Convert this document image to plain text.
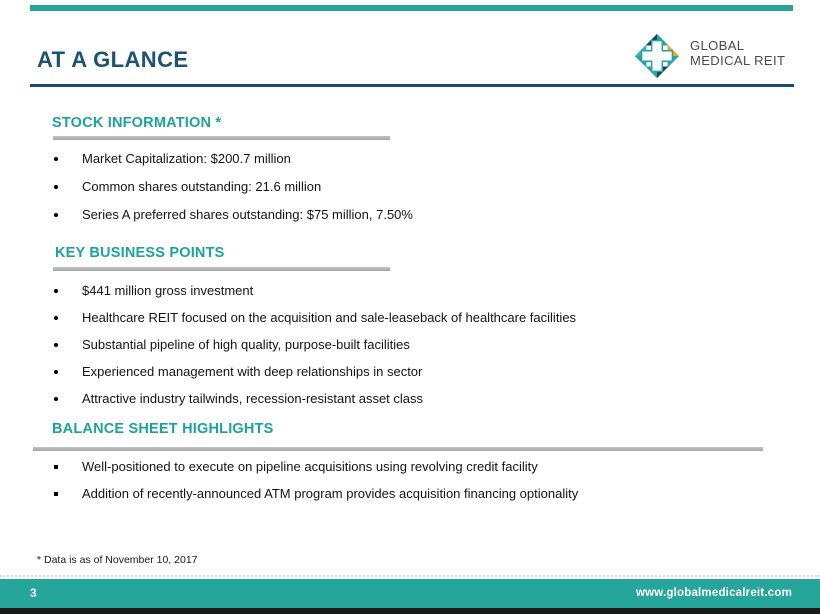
AT A GLANCE
GLOBAL
MEDICAL REIT
STOCK INFORMATION *
Market Capitalization: $200.7 million
Common shares outstanding: 21.6 million
Series A preferred shares outstanding: $75 million, 7.50%
KEY BUSINESS POINTS
$441 million gross investment
Healthcare REIT focused on the acquisition and sale-leaseback of healthcare facilities
Substantial pipeline of high quality, purpose-built facilities
Experienced management with deep relationships in sector
Attractive industry tailwinds, recession-resistant asset class
BALANCE SHEET HIGHLIGHTS
Well-positioned to execute on pipeline acquisitions using revolving credit facility
Addition of recently-announced ATM program provides acquisition financing optionality
* Data is as of November 10, 2017
3	www.globalmedicalreit.com
